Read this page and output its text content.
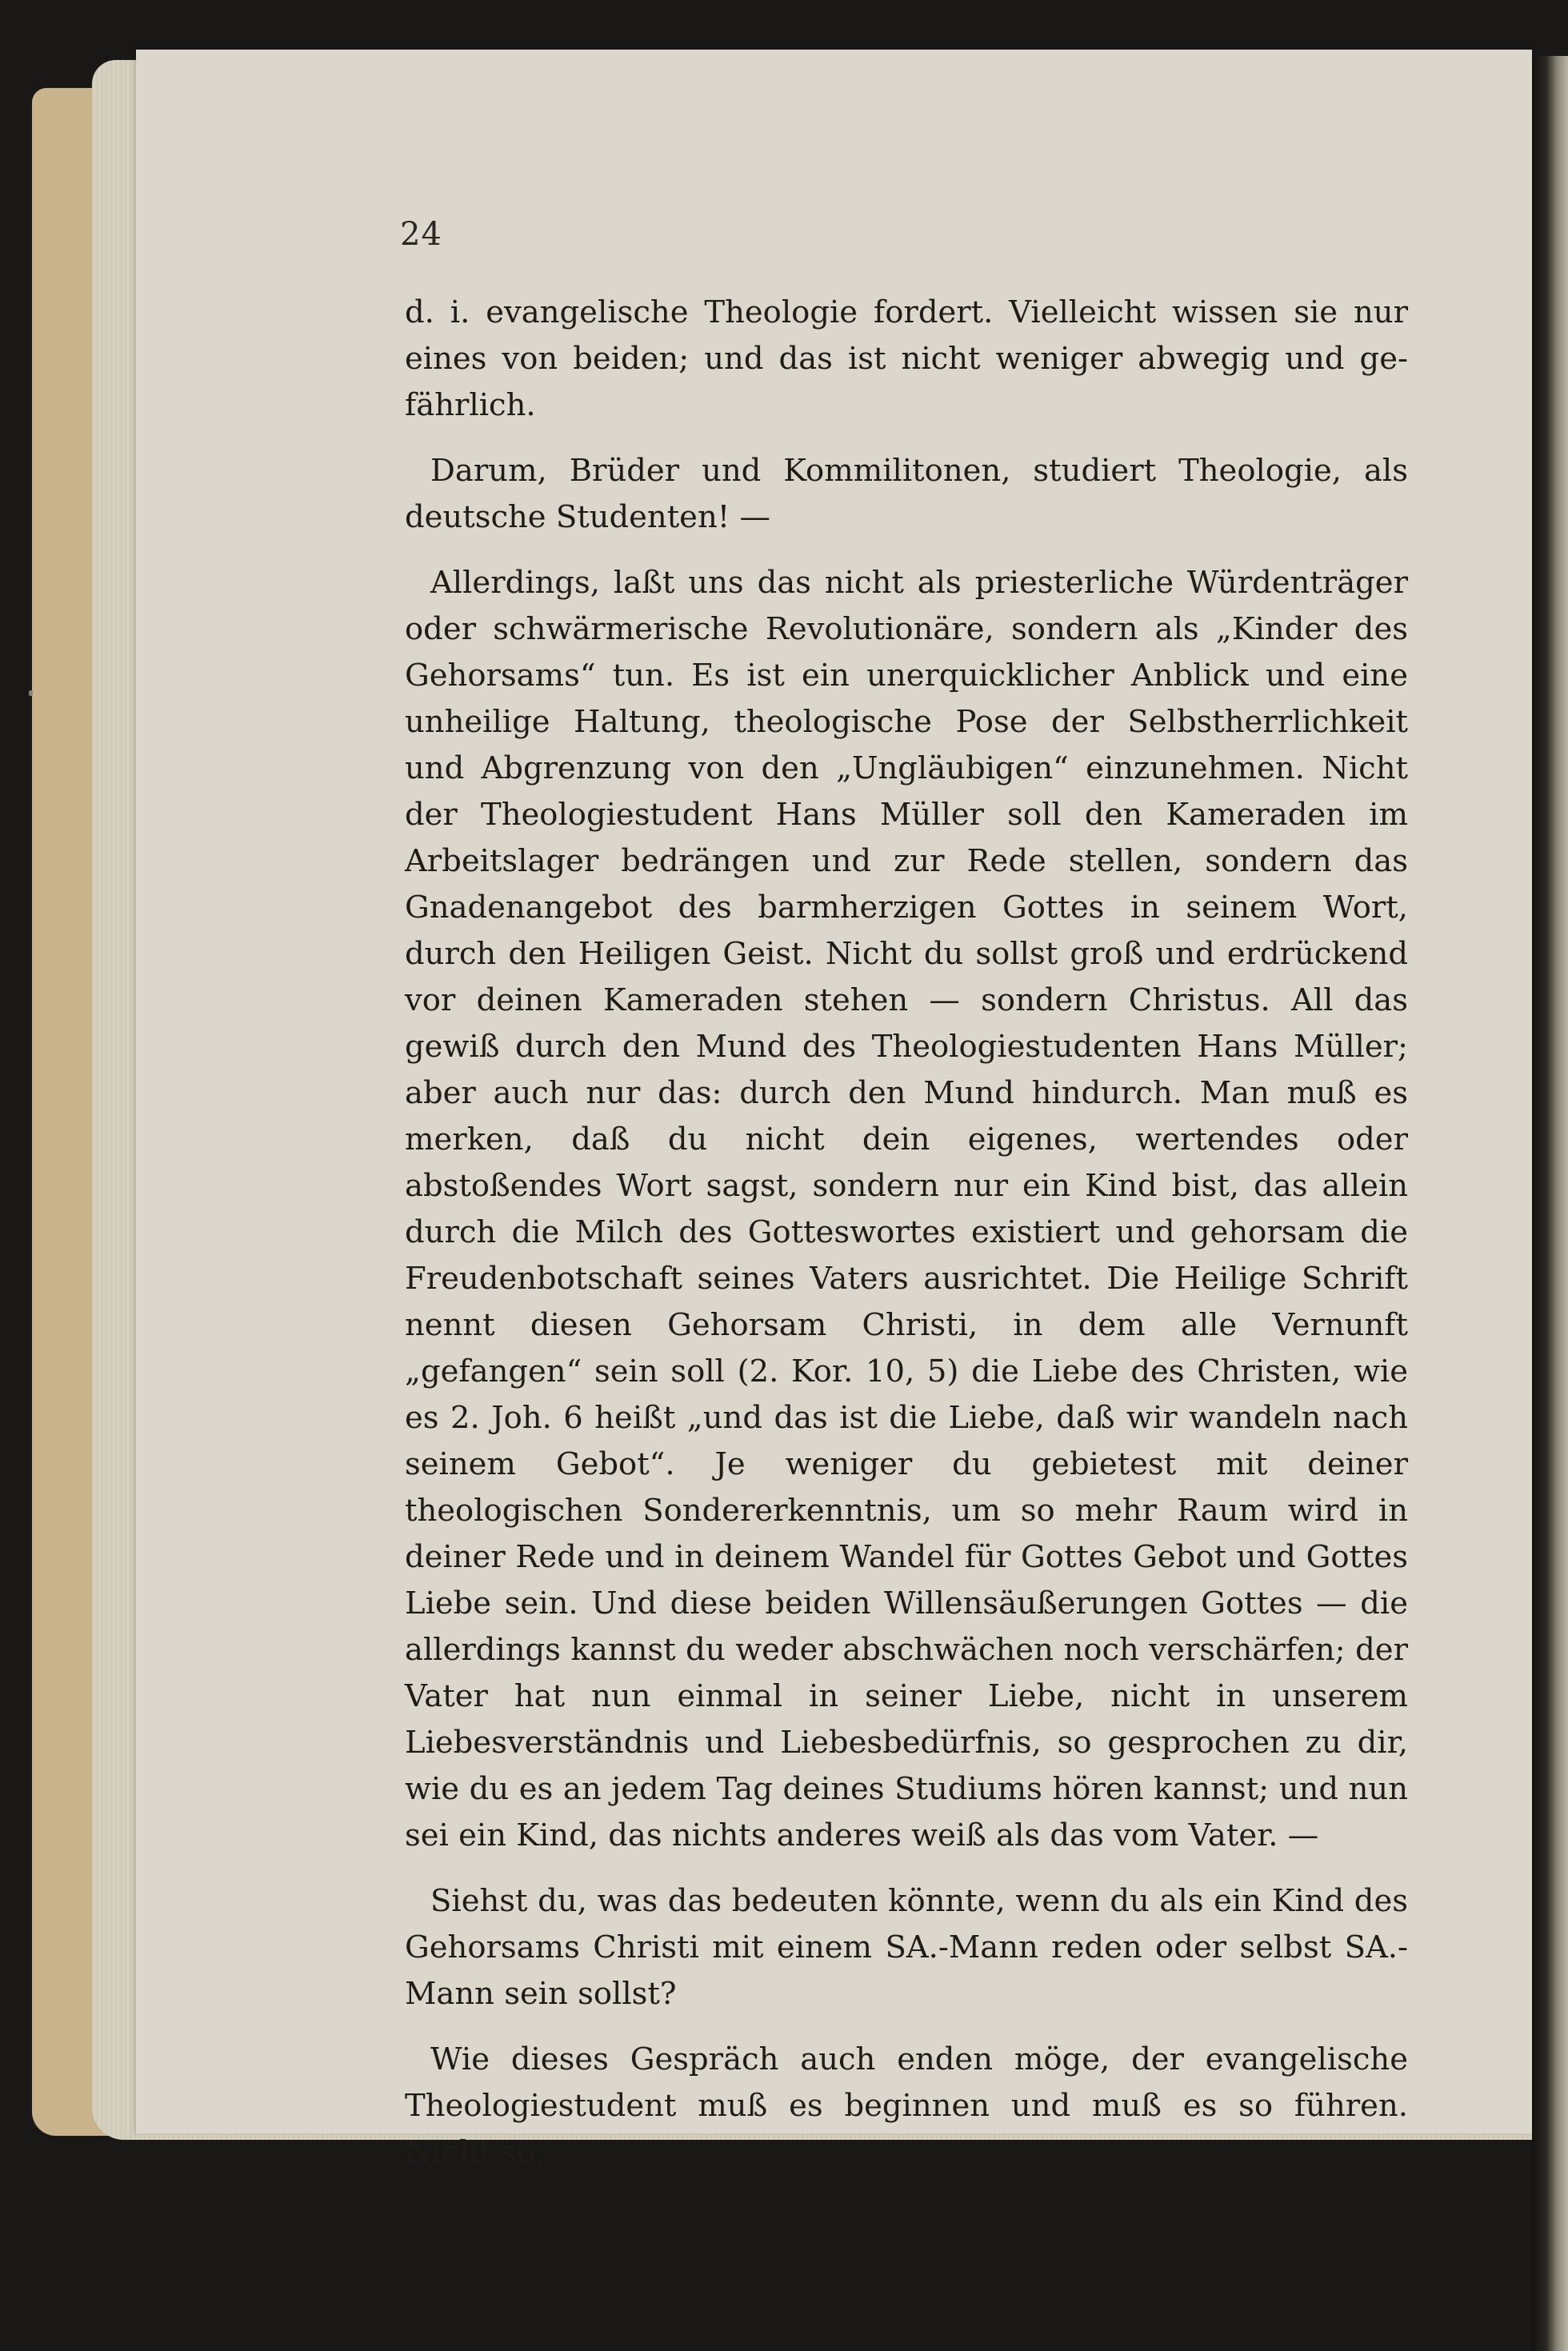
24

d. i. evangelische Theologie fordert. Vielleicht wissen sie nur eines von beiden; und das ist nicht weniger abwegig und gefährlich.

Darum, Brüder und Kommilitonen, studiert Theologie, als deutsche Studenten! —

Allerdings, laßt uns das nicht als priesterliche Würdenträger oder schwärmerische Revolutionäre, sondern als „Kinder des Gehorsams“ tun. Es ist ein unerquicklicher Anblick und eine unheilige Haltung, theologische Pose der Selbstherrlichkeit und Abgrenzung von den „Ungläubigen“ einzunehmen. Nicht der Theologiestudent Hans Müller soll den Kameraden im Arbeitslager bedrängen und zur Rede stellen, sondern das Gnadenangebot des barmherzigen Gottes in seinem Wort, durch den Heiligen Geist. Nicht du sollst groß und erdrückend vor deinen Kameraden stehen — sondern Christus. All das gewiß durch den Mund des Theologiestudenten Hans Müller; aber auch nur das: durch den Mund hindurch. Man muß es merken, daß du nicht dein eigenes, wertendes oder abstoßendes Wort sagst, sondern nur ein Kind bist, das allein durch die Milch des Gotteswortes existiert und gehorsam die Freudenbotschaft seines Vaters ausrichtet. Die Heilige Schrift nennt diesen Gehorsam Christi, in dem alle Vernunft „gefangen“ sein soll (2. Kor. 10, 5) die Liebe des Christen, wie es 2. Joh. 6 heißt „und das ist die Liebe, daß wir wandeln nach seinem Gebot“. Je weniger du gebietest mit deiner theologischen Sondererkenntnis, um so mehr Raum wird in deiner Rede und in deinem Wandel für Gottes Gebot und Gottes Liebe sein. Und diese beiden Willensäußerungen Gottes — die allerdings kannst du weder abschwächen noch verschärfen; der Vater hat nun einmal in seiner Liebe, nicht in unserem Liebesverständnis und Liebesbedürfnis, so gesprochen zu dir, wie du es an jedem Tag deines Studiums hören kannst; und nun sei ein Kind, das nichts anderes weiß als das vom Vater. —

Siehst du, was das bedeuten könnte, wenn du als ein Kind des Gehorsams Christi mit einem SA.-Mann reden oder selbst SA.-Mann sein sollst?

Wie dieses Gespräch auch enden möge, der evangelische Theologiestudent muß es beginnen und muß es so führen. Nicht so,
